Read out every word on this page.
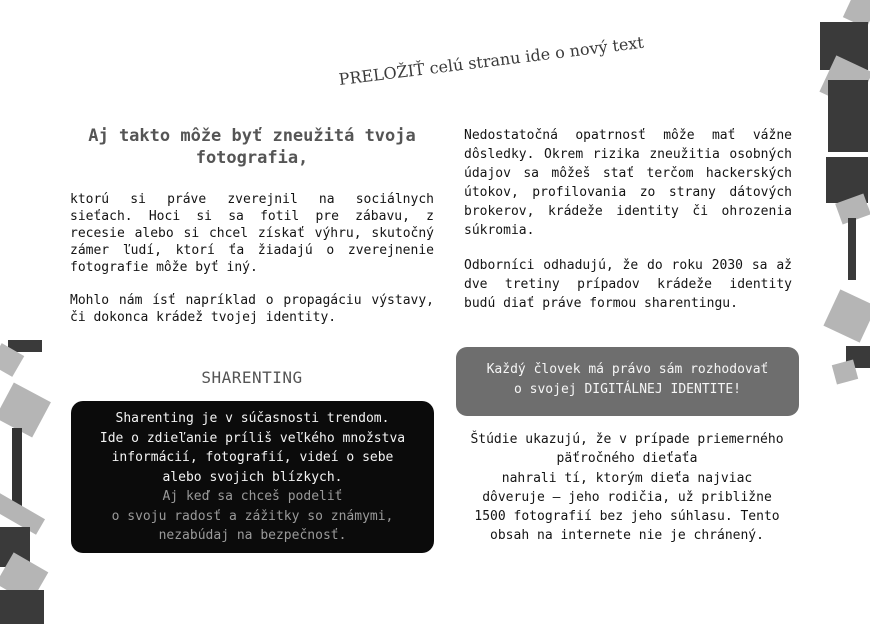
PRELOŽIŤ celú stranu ide o nový text
Aj takto môže byť zneužitá tvoja fotografia,

ktorú si práve zverejnil na sociálnych sieťach. Hoci si sa fotil pre zábavu, z recesie alebo si chcel získať výhru, skutočný zámer ľudí, ktorí ťa žiadajú o zverejnenie fotografie môže byť iný.

Mohlo nám ísť napríklad o propagáciu výstavy, či dokonca krádež tvojej identity.

SHARENTING
Sharenting je v súčasnosti trendom.
Ide o zdieľanie príliš veľkého množstva
informácií, fotografií, videí o sebe
alebo svojich blízkych.
Aj keď sa chceš podeliť
o svoju radosť a zážitky so známymi,
nezabúdaj na bezpečnosť.

Nedostatočná opatrnosť môže mať vážne dôsledky. Okrem rizika zneužitia osobných údajov sa môžeš stať terčom hackerských útokov, profilovania zo strany dátových brokerov, krádeže identity či ohrozenia súkromia.

Odborníci odhadujú, že do roku 2030 sa až dve tretiny prípadov krádeže identity budú diať práve formou sharentingu.

Každý človek má právo sám rozhodovať
o svojej DIGITÁLNEJ IDENTITE!
Štúdie ukazujú, že v prípade priemerného
päťročného dieťaťa
nahrali tí, ktorým dieťa najviac
dôveruje – jeho rodičia, už približne
1500 fotografií bez jeho súhlasu. Tento
obsah na internete nie je chránený.
